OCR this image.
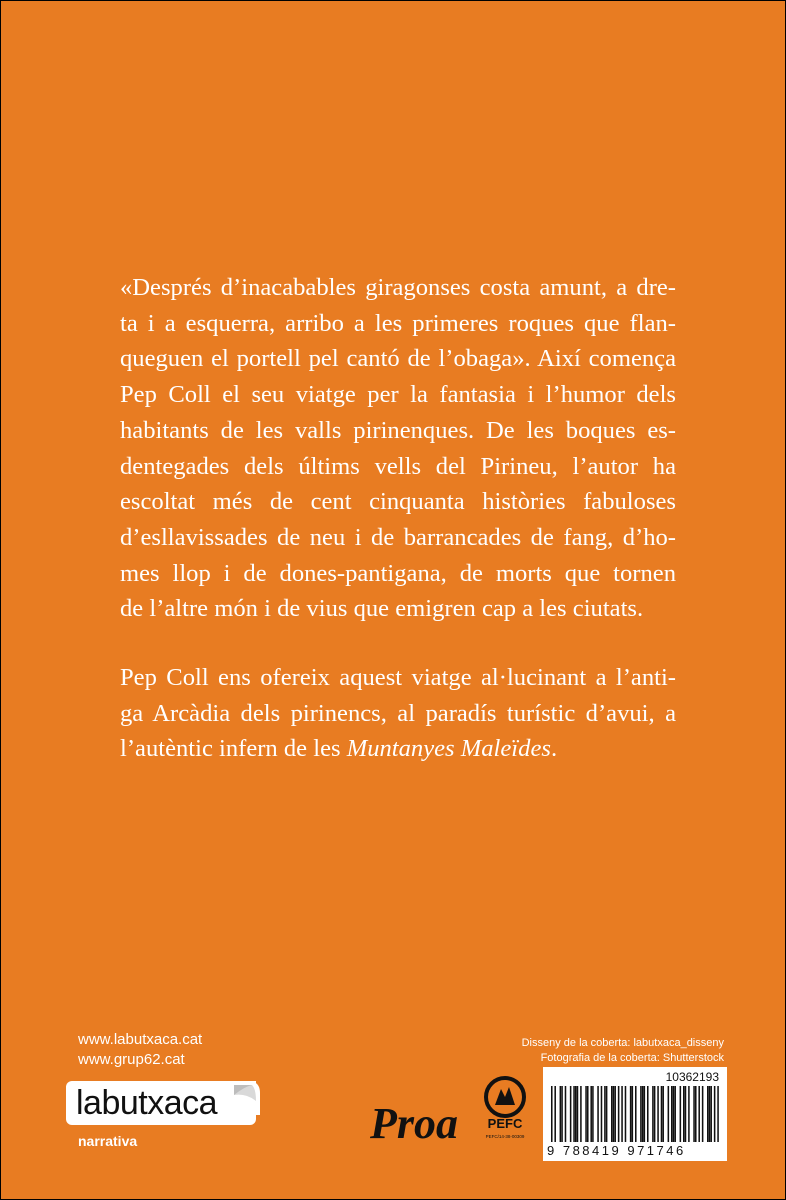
«Després d’inacabables giragonses costa amunt, a dre-
ta i a esquerra, arribo a les primeres roques que flan-
queguen el portell pel cantó de l’obaga». Així comença
Pep Coll el seu viatge per la fantasia i l’humor dels
habitants de les valls pirinenques. De les boques es-
dentegades dels últims vells del Pirineu, l’autor ha
escoltat més de cent cinquanta històries fabuloses
d’esllavissades de neu i de barrancades de fang, d’ho-
mes llop i de dones-pantigana, de morts que tornen
de l’altre món i de vius que emigren cap a les ciutats.

Pep Coll ens ofereix aquest viatge al·lucinant a l’anti-
ga Arcàdia dels pirinencs, al paradís turístic d’avui, a
l’autèntic infern de les Muntanyes Maleïdes.

www.labutxaca.cat
www.grup62.cat
labutxaca
narrativa	Proa PEFC
PEFC/14-38-00309
Disseny de la coberta: labutxaca_disseny
Fotografia de la coberta: Shutterstock
10362193
9 788419 971746
